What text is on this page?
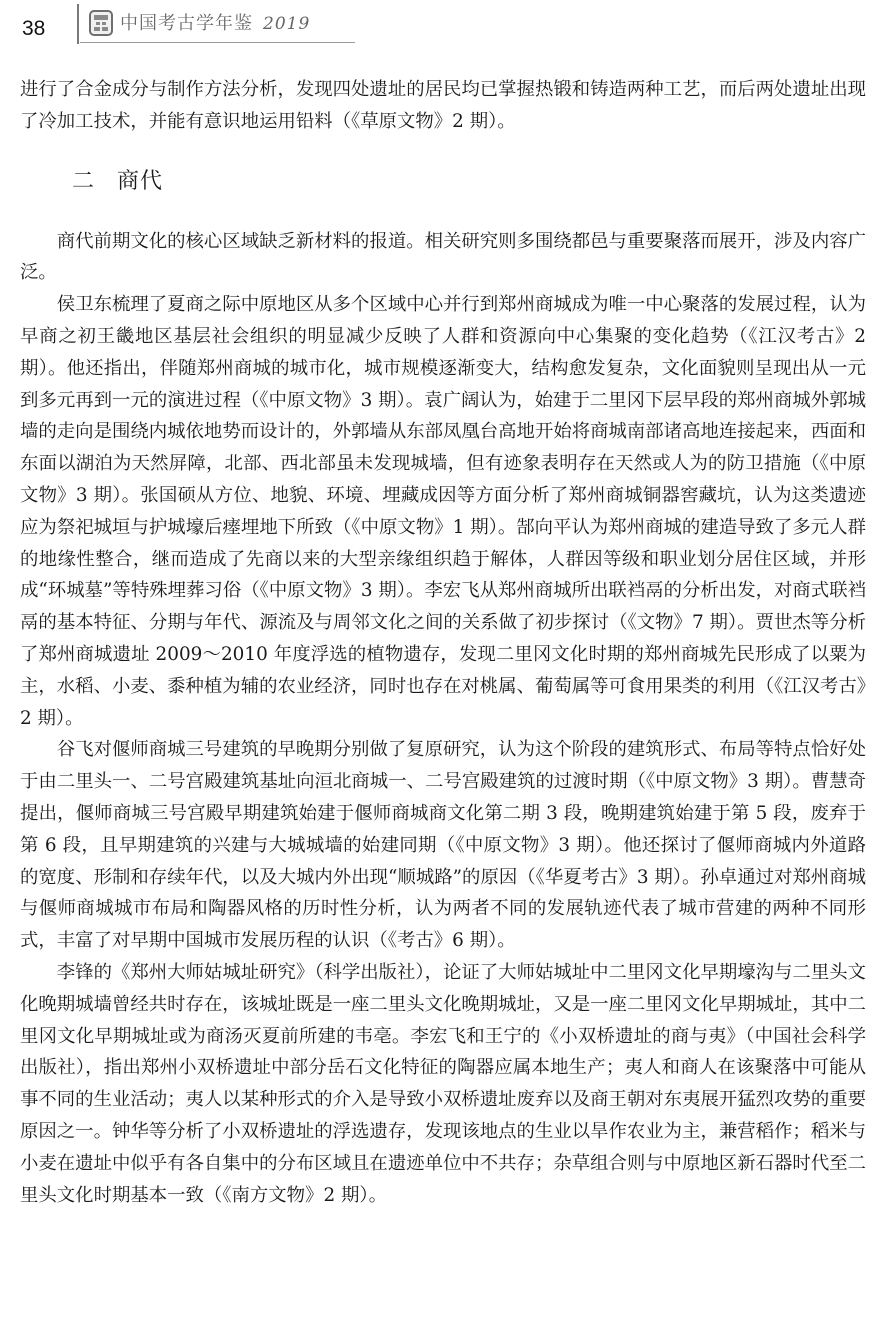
38	中国考古学年鉴 2019

进行了合金成分与制作方法分析，发现四处遗址的居民均已掌握热锻和铸造两种工艺，而后两处遗址出现了冷加工技术，并能有意识地运用铅料（《草原文物》2 期）。

二 商代

商代前期文化的核心区域缺乏新材料的报道。相关研究则多围绕都邑与重要聚落而展开，涉及内容广泛。

侯卫东梳理了夏商之际中原地区从多个区域中心并行到郑州商城成为唯一中心聚落的发展过程，认为早商之初王畿地区基层社会组织的明显减少反映了人群和资源向中心集聚的变化趋势（《江汉考古》2 期）。他还指出，伴随郑州商城的城市化，城市规模逐渐变大，结构愈发复杂，文化面貌则呈现出从一元到多元再到一元的演进过程（《中原文物》3 期）。袁广阔认为，始建于二里冈下层早段的郑州商城外郭城墙的走向是围绕内城依地势而设计的，外郭墙从东部凤凰台高地开始将商城南部诸高地连接起来，西面和东面以湖泊为天然屏障，北部、西北部虽未发现城墙，但有迹象表明存在天然或人为的防卫措施（《中原文物》3 期）。张国硕从方位、地貌、环境、埋藏成因等方面分析了郑州商城铜器窖藏坑，认为这类遗迹应为祭祀城垣与护城壕后瘗埋地下所致（《中原文物》1 期）。郜向平认为郑州商城的建造导致了多元人群的地缘性整合，继而造成了先商以来的大型亲缘组织趋于解体，人群因等级和职业划分居住区域，并形成“环城墓”等特殊埋葬习俗（《中原文物》3 期）。李宏飞从郑州商城所出联裆鬲的分析出发，对商式联裆鬲的基本特征、分期与年代、源流及与周邻文化之间的关系做了初步探讨（《文物》7 期）。贾世杰等分析了郑州商城遗址 2009～2010 年度浮选的植物遗存，发现二里冈文化时期的郑州商城先民形成了以粟为主，水稻、小麦、黍种植为辅的农业经济，同时也存在对桃属、葡萄属等可食用果类的利用（《江汉考古》2 期）。

谷飞对偃师商城三号建筑的早晚期分别做了复原研究，认为这个阶段的建筑形式、布局等特点恰好处于由二里头一、二号宫殿建筑基址向洹北商城一、二号宫殿建筑的过渡时期（《中原文物》3 期）。曹慧奇提出，偃师商城三号宫殿早期建筑始建于偃师商城商文化第二期 3 段，晚期建筑始建于第 5 段，废弃于第 6 段，且早期建筑的兴建与大城城墙的始建同期（《中原文物》3 期）。他还探讨了偃师商城内外道路的宽度、形制和存续年代，以及大城内外出现“顺城路”的原因（《华夏考古》3 期）。孙卓通过对郑州商城与偃师商城城市布局和陶器风格的历时性分析，认为两者不同的发展轨迹代表了城市营建的两种不同形式，丰富了对早期中国城市发展历程的认识（《考古》6 期）。

李锋的《郑州大师姑城址研究》（科学出版社），论证了大师姑城址中二里冈文化早期壕沟与二里头文化晚期城墙曾经共时存在，该城址既是一座二里头文化晚期城址，又是一座二里冈文化早期城址，其中二里冈文化早期城址或为商汤灭夏前所建的韦亳。李宏飞和王宁的《小双桥遗址的商与夷》（中国社会科学出版社），指出郑州小双桥遗址中部分岳石文化特征的陶器应属本地生产；夷人和商人在该聚落中可能从事不同的生业活动；夷人以某种形式的介入是导致小双桥遗址废弃以及商王朝对东夷展开猛烈攻势的重要原因之一。钟华等分析了小双桥遗址的浮选遗存，发现该地点的生业以旱作农业为主，兼营稻作；稻米与小麦在遗址中似乎有各自集中的分布区域且在遗迹单位中不共存；杂草组合则与中原地区新石器时代至二里头文化时期基本一致（《南方文物》2 期）。
